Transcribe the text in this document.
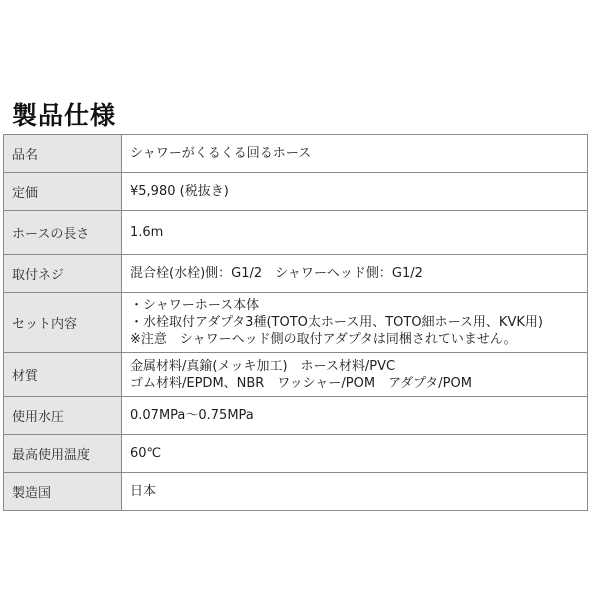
製品仕様
品名	シャワーがくるくる回るホース

定価	¥5,980 (税抜き)

ホースの長さ	1.6m

取付ネジ	混合栓(水栓)側：G1/2　シャワーヘッド側：G1/2

セット内容	・シャワーホース本体
・水栓取付アダプタ3種(TOTO太ホース用、TOTO細ホース用、KVK用)
※注意　シャワーヘッド側の取付アダプタは同梱されていません。

材質	金属材料/真鍮(メッキ加工)　ホース材料/PVC
ゴム材料/EPDM、NBR　ワッシャー/POM　アダプタ/POM

使用水圧	0.07MPa～0.75MPa

最高使用温度	60℃

製造国	日本
